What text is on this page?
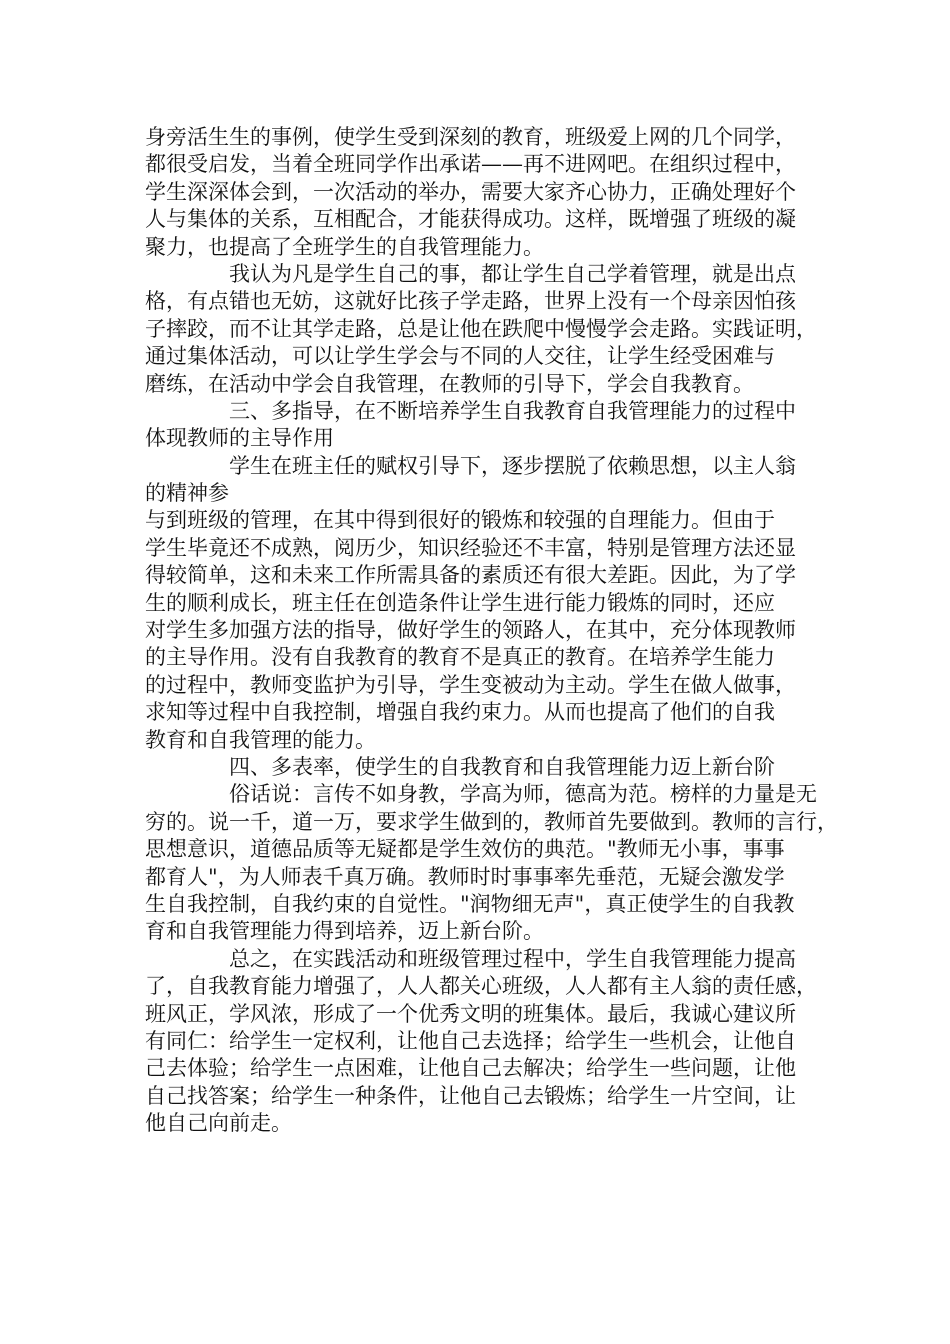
身旁活生生的事例，使学生受到深刻的教育，班级爱上网的几个同学，
都很受启发，当着全班同学作出承诺——再不进网吧。在组织过程中，
学生深深体会到，一次活动的举办，需要大家齐心协力，正确处理好个
人与集体的关系，互相配合，才能获得成功。这样，既增强了班级的凝
聚力，也提高了全班学生的自我管理能力。
我认为凡是学生自己的事，都让学生自己学着管理，就是出点
格，有点错也无妨，这就好比孩子学走路，世界上没有一个母亲因怕孩
子摔跤，而不让其学走路，总是让他在跌爬中慢慢学会走路。实践证明，
通过集体活动，可以让学生学会与不同的人交往，让学生经受困难与
磨练，在活动中学会自我管理，在教师的引导下，学会自我教育。
三、多指导，在不断培养学生自我教育自我管理能力的过程中
体现教师的主导作用
学生在班主任的赋权引导下，逐步摆脱了依赖思想，以主人翁
的精神参
与到班级的管理，在其中得到很好的锻炼和较强的自理能力。但由于
学生毕竟还不成熟，阅历少，知识经验还不丰富，特别是管理方法还显
得较简单，这和未来工作所需具备的素质还有很大差距。因此，为了学
生的顺利成长，班主任在创造条件让学生进行能力锻炼的同时，还应
对学生多加强方法的指导，做好学生的领路人，在其中，充分体现教师
的主导作用。没有自我教育的教育不是真正的教育。在培养学生能力
的过程中，教师变监护为引导，学生变被动为主动。学生在做人做事，
求知等过程中自我控制，增强自我约束力。从而也提高了他们的自我
教育和自我管理的能力。
四、多表率，使学生的自我教育和自我管理能力迈上新台阶
俗话说：言传不如身教，学高为师，德高为范。榜样的力量是无
穷的。说一千，道一万，要求学生做到的，教师首先要做到。教师的言行，
思想意识，道德品质等无疑都是学生效仿的典范。"教师无小事，事事
都育人"，为人师表千真万确。教师时时事事率先垂范，无疑会激发学
生自我控制，自我约束的自觉性。"润物细无声"，真正使学生的自我教
育和自我管理能力得到培养，迈上新台阶。
总之，在实践活动和班级管理过程中，学生自我管理能力提高
了，自我教育能力增强了，人人都关心班级，人人都有主人翁的责任感，
班风正，学风浓，形成了一个优秀文明的班集体。最后，我诚心建议所
有同仁：给学生一定权利，让他自己去选择；给学生一些机会，让他自
己去体验；给学生一点困难，让他自己去解决；给学生一些问题，让他
自己找答案；给学生一种条件，让他自己去锻炼；给学生一片空间，让
他自己向前走。
